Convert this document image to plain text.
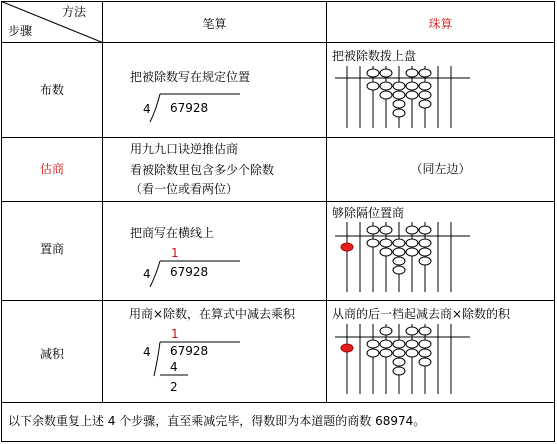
方法
步骤	笔算	珠算
布数
把被除数写在规定位置
4 67928
把被除数拨上盘
估商
用九九口诀逆推估商
看被除数里包含多少个除数
（看一位或看两位）
（同左边）
置商
把商写在横线上
1
4 67928
够除隔位置商
减积
用商×除数，在算式中减去乘积
1
4 67928
4
2
从商的后一档起减去商×除数的积
以下余数重复上述 4 个步骤，直至乘减完毕，得数即为本道题的商数 68974。
